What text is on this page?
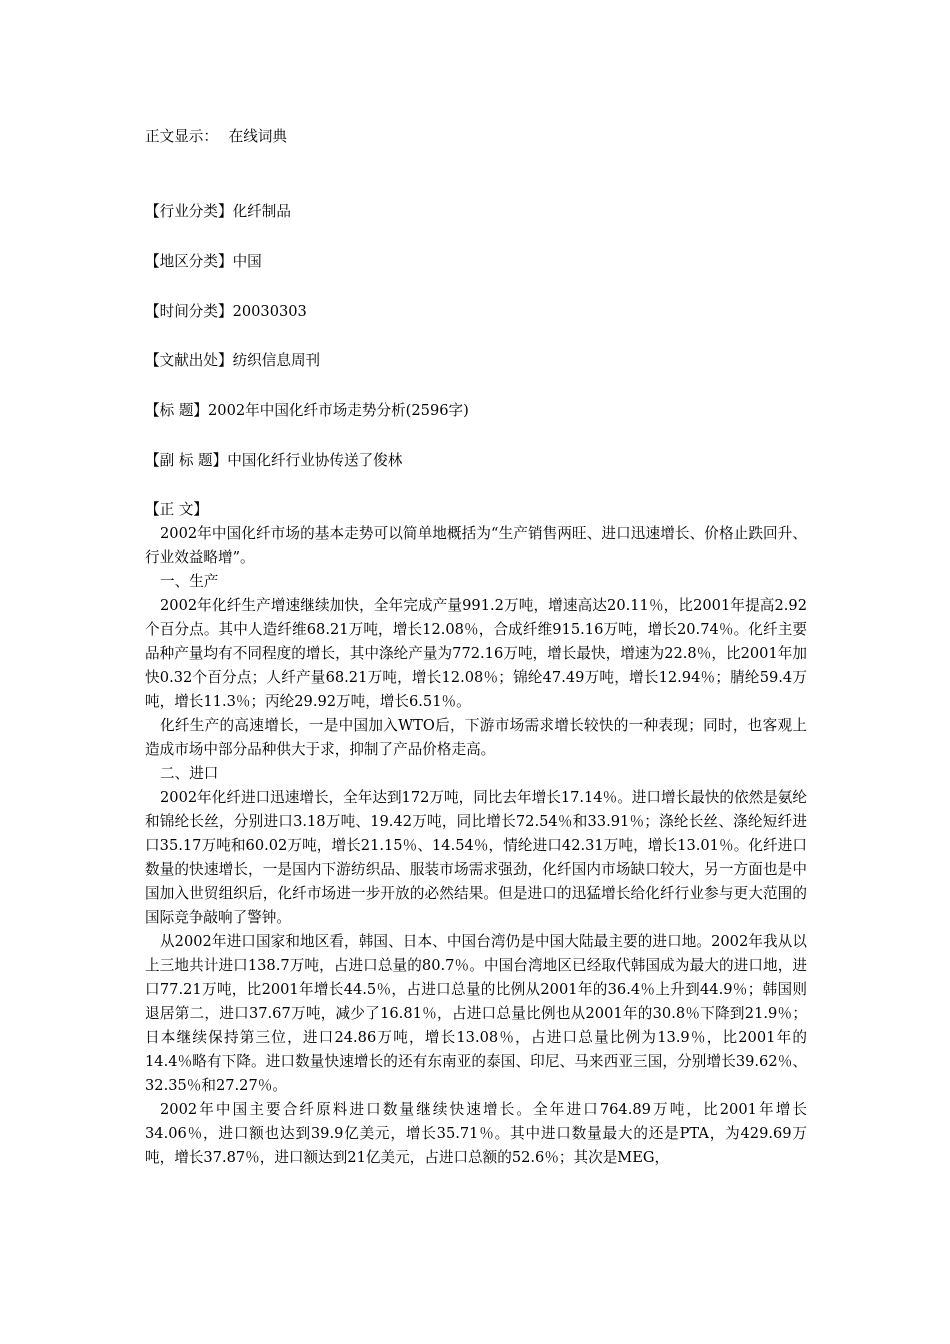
正文显示： 在线词典
【行业分类】化纤制品
【地区分类】中国
【时间分类】20030303
【文献出处】纺织信息周刊
【标 题】2002年中国化纤市场走势分析(2596字)
【副 标 题】中国化纤行业协传送了俊林
【正 文】

2002年中国化纤市场的基本走势可以简单地概括为“生产销售两旺、进口迅速增长、价格止跌回升、行业效益略增”。

一、生产

2002年化纤生产增速继续加快，全年完成产量991.2万吨，增速高达20.11％，比2001年提高2.92个百分点。其中人造纤维68.21万吨，增长12.08％，合成纤维915.16万吨，增长20.74％。化纤主要品种产量均有不同程度的增长，其中涤纶产量为772.16万吨，增长最快，增速为22.8％，比2001年加快0.32个百分点；人纤产量68.21万吨，增长12.08％；锦纶47.49万吨，增长12.94％；腈纶59.4万吨，增长11.3％；丙纶29.92万吨，增长6.51％。

化纤生产的高速增长，一是中国加入WTO后，下游市场需求增长较快的一种表现；同时，也客观上造成市场中部分品种供大于求，抑制了产品价格走高。

二、进口

2002年化纤进口迅速增长，全年达到172万吨，同比去年增长17.14％。进口增长最快的依然是氨纶和锦纶长丝，分别进口3.18万吨、19.42万吨，同比增长72.54％和33.91％；涤纶长丝、涤纶短纤进口35.17万吨和60.02万吨，增长21.15％、14.54％，情纶进口42.31万吨，增长13.01％。化纤进口数量的快速增长，一是国内下游纺织品、服装市场需求强劲，化纤国内市场缺口较大，另一方面也是中国加入世贸组织后，化纤市场进一步开放的必然结果。但是进口的迅猛增长给化纤行业参与更大范围的国际竞争敲响了警钟。

从2002年进口国家和地区看，韩国、日本、中国台湾仍是中国大陆最主要的进口地。2002年我从以上三地共计进口138.7万吨，占进口总量的80.7％。中国台湾地区已经取代韩国成为最大的进口地，进口77.21万吨，比2001年增长44.5％，占进口总量的比例从2001年的36.4％上升到44.9％；韩国则退居第二，进口37.67万吨，减少了16.81％，占进口总量比例也从2001年的30.8％下降到21.9％；日本继续保持第三位，进口24.86万吨，增长13.08％，占进口总量比例为13.9％，比2001年的14.4％略有下降。进口数量快速增长的还有东南亚的泰国、印尼、马来西亚三国，分别增长39.62％、32.35％和27.27％。

2002年中国主要合纤原料进口数量继续快速增长。全年进口764.89万吨，比2001年增长34.06％，进口额也达到39.9亿美元，增长35.71％。其中进口数量最大的还是PTA，为429.69万吨，增长37.87％，进口额达到21亿美元，占进口总额的52.6％；其次是MEG，
